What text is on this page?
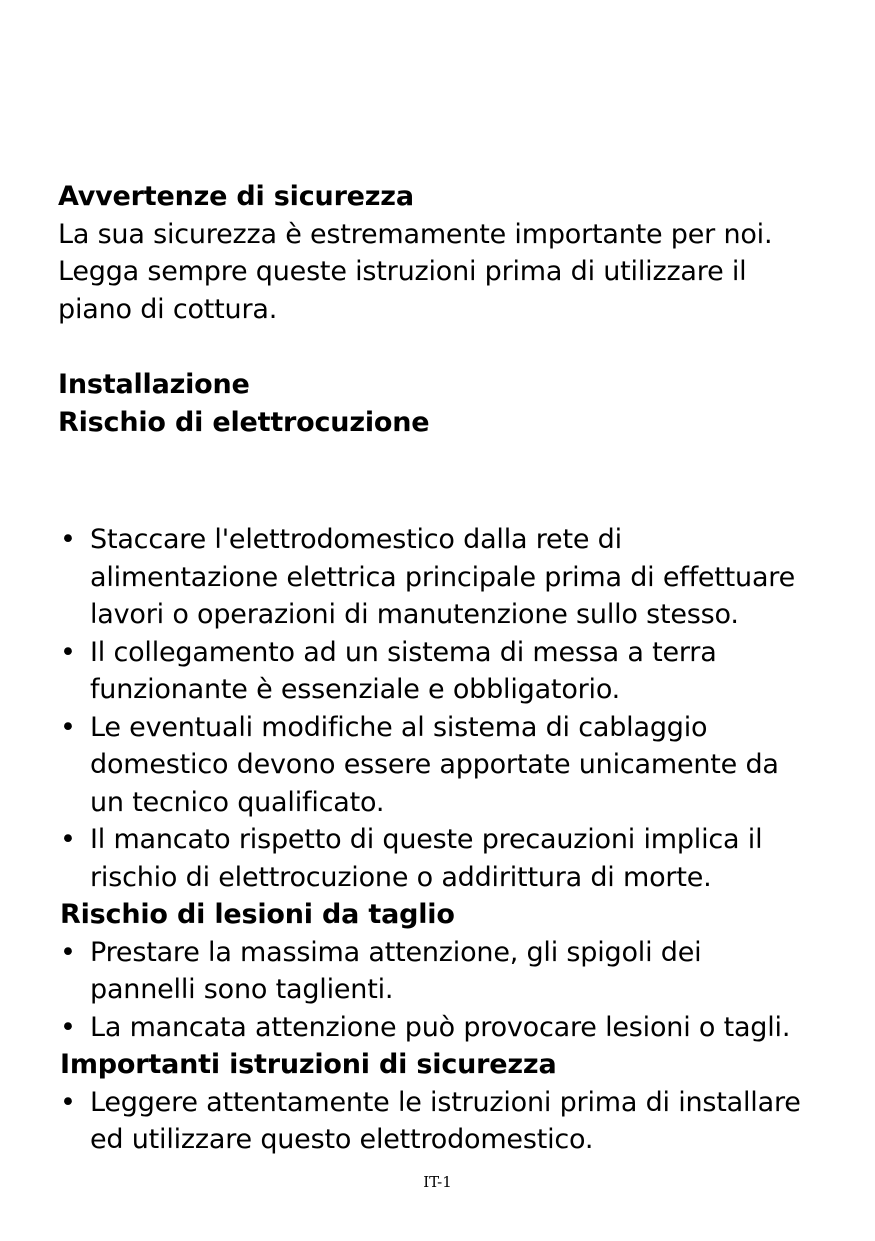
Avvertenze di sicurezza
La sua sicurezza è estremamente importante per noi.
Legga sempre queste istruzioni prima di utilizzare il
piano di cottura.
Installazione
Rischio di elettrocuzione
• Staccare l'elettrodomestico dalla rete di
alimentazione elettrica principale prima di effettuare
lavori o operazioni di manutenzione sullo stesso.
• Il collegamento ad un sistema di messa a terra
funzionante è essenziale e obbligatorio.
• Le eventuali modifiche al sistema di cablaggio
domestico devono essere apportate unicamente da
un tecnico qualificato.
• Il mancato rispetto di queste precauzioni implica il
rischio di elettrocuzione o addirittura di morte.
Rischio di lesioni da taglio
• Prestare la massima attenzione, gli spigoli dei
pannelli sono taglienti.
• La mancata attenzione può provocare lesioni o tagli.
Importanti istruzioni di sicurezza
• Leggere attentamente le istruzioni prima di installare
ed utilizzare questo elettrodomestico.
IT-1
